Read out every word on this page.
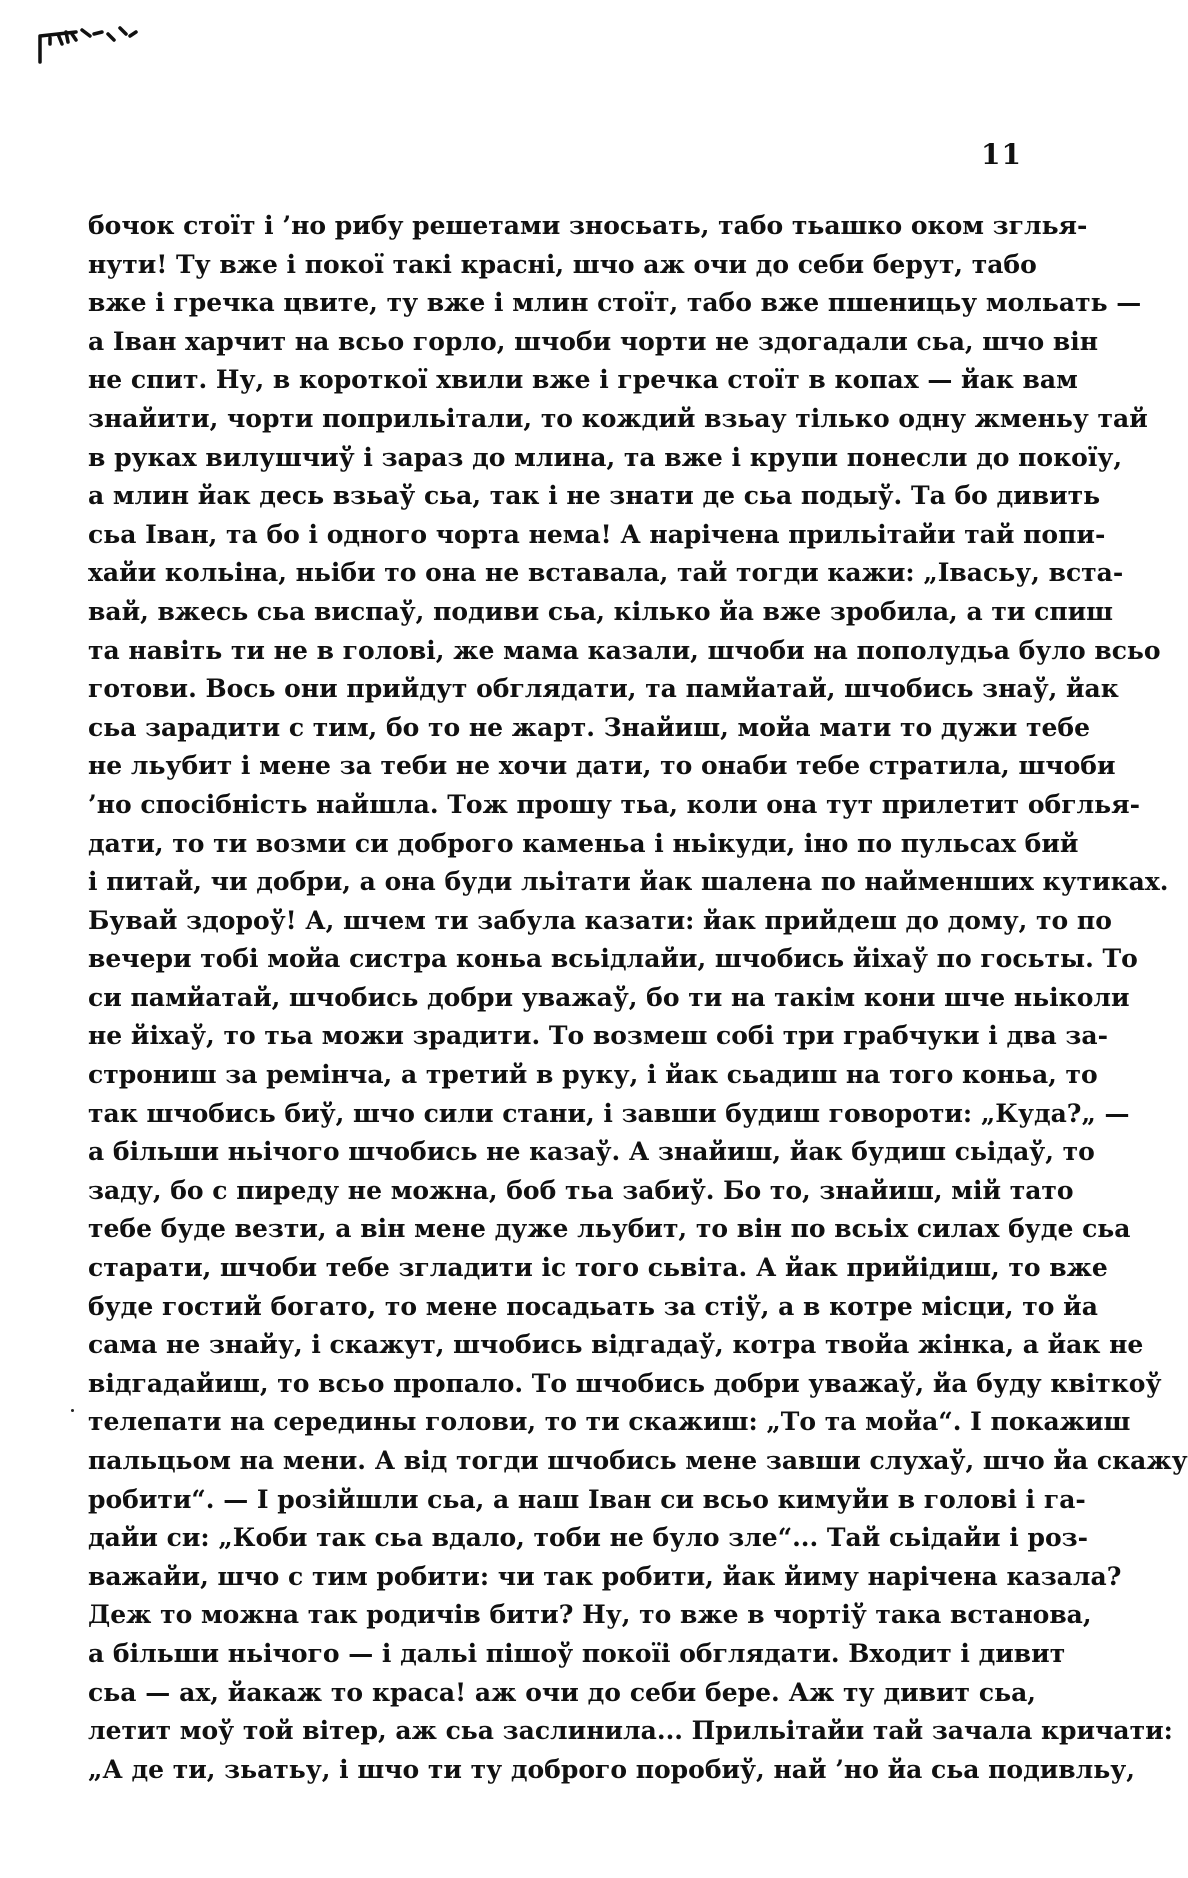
11
бочок стоїт і ’но рибу решетами зносьать, табо тьашко оком зглья-
нути! Ту вже і покої такі красні, шчо аж очи до себи берут, табо
вже і гречка цвите, ту вже і млин стоїт, табо вже пшеницьу мольать —
а Іван харчит на всьо горло, шчоби чорти не здогадали сьа, шчо він
не спит. Ну, в короткої хвили вже і гречка стоїт в копах — йак вам
знайити, чорти поприльітали, то кождий взьау тілько одну жменьу тай
в руках вилушчиў і зараз до млина, та вже і крупи понесли до покоїу,
а млин йак десь взьаў сьа, так і не знати де сьа подыў. Та бо дивить
сьа Іван, та бо і одного чорта нема! А нарічена прильітайи тай попи-
хайи кольіна, ньіби то она не вставала, тай тогди кажи: „Івасьу, вста-
вай, вжесь сьа виспаў, подиви сьа, кілько йа вже зробила, а ти спиш
та навіть ти не в голові, же мама казали, шчоби на пополудьа було всьо
готови. Вось они прийдут обглядати, та памйатай, шчобись знаў, йак
сьа зарадити с тим, бо то не жарт. Знайиш, мойа мати то дужи тебе
не льубит і мене за теби не хочи дати, то онаби тебе стратила, шчоби
’но спосібніcть найшла. Тож прошу тьа, коли она тут прилетит обглья-
дати, то ти возми си доброго каменьа і ньікуди, іно по пульсах бий
і питай, чи добри, а она буди льітати йак шалена по найменших кутиках.
Бувай здороў! А, шчем ти забула казати: йак прийдеш до дому, то по
вечери тобі мойа систра коньа всьідлайи, шчобись йіхаў по госьты. То
си памйатай, шчобись добри уважаў, бо ти на такім кони шче ньіколи
не йіхаў, то тьа можи зрадити. То возмеш собі три грабчуки і два за-
строниш за ремінча, а третий в руку, і йак сьадиш на того коньа, то
так шчобись биў, шчо сили стани, і завши будиш говороти: „Куда?„ —
а більши ньічого шчобись не казаў. А знайиш, йак будиш сьідаў, то
заду, бо с пиреду не можна, боб тьа забиў. Бо то, знайиш, мій тато
тебе буде везти, а він мене дуже льубит, то він по всьіх силах буде сьа
старати, шчоби тебе згладити іс того сьвіта. А йак прийідиш, то вже
буде гостий богато, то мене посадьать за стіў, а в котре місци, то йа
сама не знайу, і скажут, шчобись відгадаў, котра твойа жінка, а йак не
відгадайиш, то всьо пропало. То шчобись добри уважаў, йа буду квіткоў
телепати на середины голови, то ти скажиш: „То та мойа“. І покажиш
пальцьом на мени. А від тогди шчобись мене завши слухаў, шчо йа скажу
робити“. — І розійшли сьа, а наш Іван си всьо кимуйи в голові і га-
дайи си: „Коби так сьа вдало, тоби не було зле“... Тай сьідайи і роз-
важайи, шчо с тим робити: чи так робити, йак йиму нарічена казала?
Деж то можна так родичів бити? Ну, то вже в чортіў така встанова,
а більши ньічого — і дальі пішоў покоїі обглядати. Входит і дивит
сьа — ах, йакаж то краса! аж очи до себи бере. Аж ту дивит сьа,
летит моў той вітер, аж сьа заслинила... Прильітайи тай зачала кричати:
„А де ти, зьатьу, і шчо ти ту доброго поробиў, най ’но йа сьа подивльу,
